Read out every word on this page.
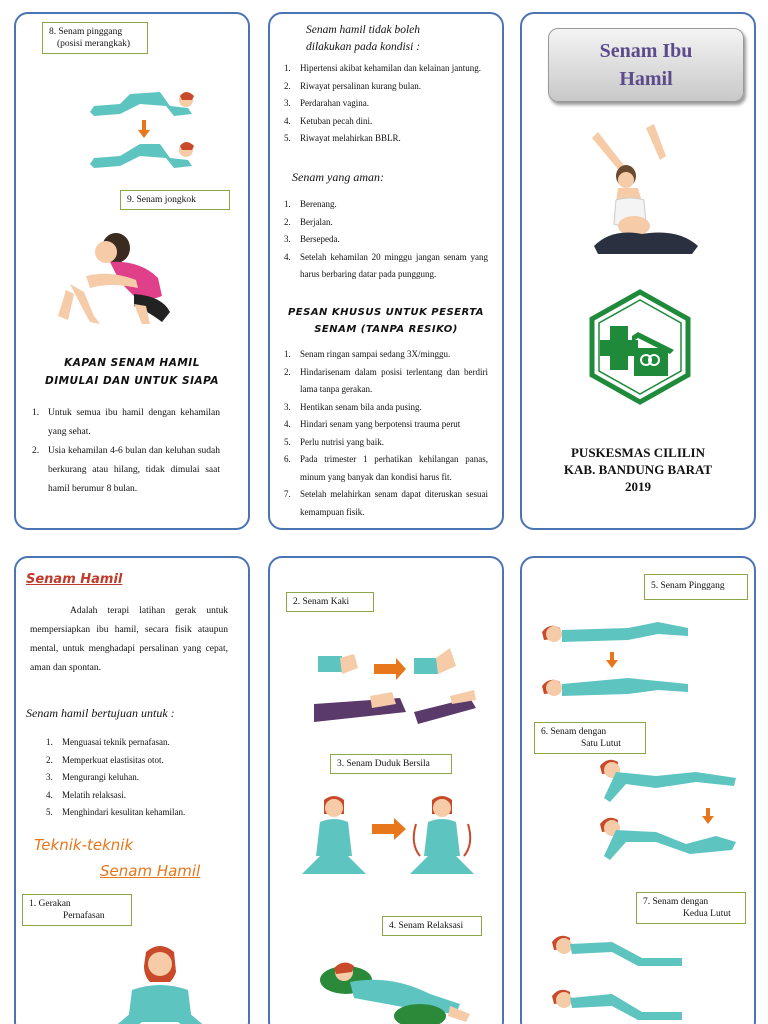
8. Senam pinggang
(posisi merangkak)
9. Senam jongkok
KAPAN SENAM HAMIL
DIMULAI DAN UNTUK SIAPA
1. Untuk semua ibu hamil dengan kehamilan yang sehat.
2. Usia kehamilan 4-6 bulan dan keluhan sudah berkurang atau hilang, tidak dimulai saat hamil berumur 8 bulan.
Senam hamil tidak boleh
dilakukan pada kondisi :
1.	Hipertensi akibat kehamilan dan kelainan jantung.
2.	Riwayat persalinan kurang bulan.
3.	Perdarahan vagina.
4.	Ketuban pecah dini.
5.	Riwayat melahirkan BBLR.
Senam yang aman:
1.	Berenang.
2.	Berjalan.
3.	Bersepeda.
4.	Setelah kehamilan 20 minggu jangan senam yang harus berbaring datar pada punggung.
PESAN KHUSUS UNTUK PESERTA
SENAM (TANPA RESIKO)
1.	Senam ringan sampai sedang 3X/minggu.
2.	Hindarisenam dalam posisi terlentang dan berdiri lama tanpa gerakan.
3.	Hentikan senam bila anda pusing.
4.	Hindari senam yang berpotensi trauma perut
5.	Perlu nutrisi yang baik.
6.	Pada trimester 1 perhatikan kehilangan panas, minum yang banyak dan kondisi harus fit.
7.	Setelah melahirkan senam dapat diteruskan sesuai kemampuan fisik.
Senam Ibu
Hamil
PUSKESMAS CILILIN
KAB. BANDUNG BARAT
2019
Senam Hamil
Adalah terapi latihan gerak untuk mempersiapkan ibu hamil, secara fisik ataupun mental, untuk menghadapi persalinan yang cepat, aman dan spontan.
Senam hamil bertujuan untuk :
1.	Menguasai teknik pernafasan.
2.	Memperkuat elastisitas otot.
3.	Mengurangi keluhan.
4.	Melatih relaksasi.
5.	Menghindari kesulitan kehamilan.
Teknik-teknik
Senam Hamil
1. Gerakan
Pernafasan
2. Senam Kaki
3. Senam Duduk Bersila
4. Senam Relaksasi
5. Senam Pinggang
6. Senam dengan
Satu Lutut
7. Senam dengan
Kedua Lutut
